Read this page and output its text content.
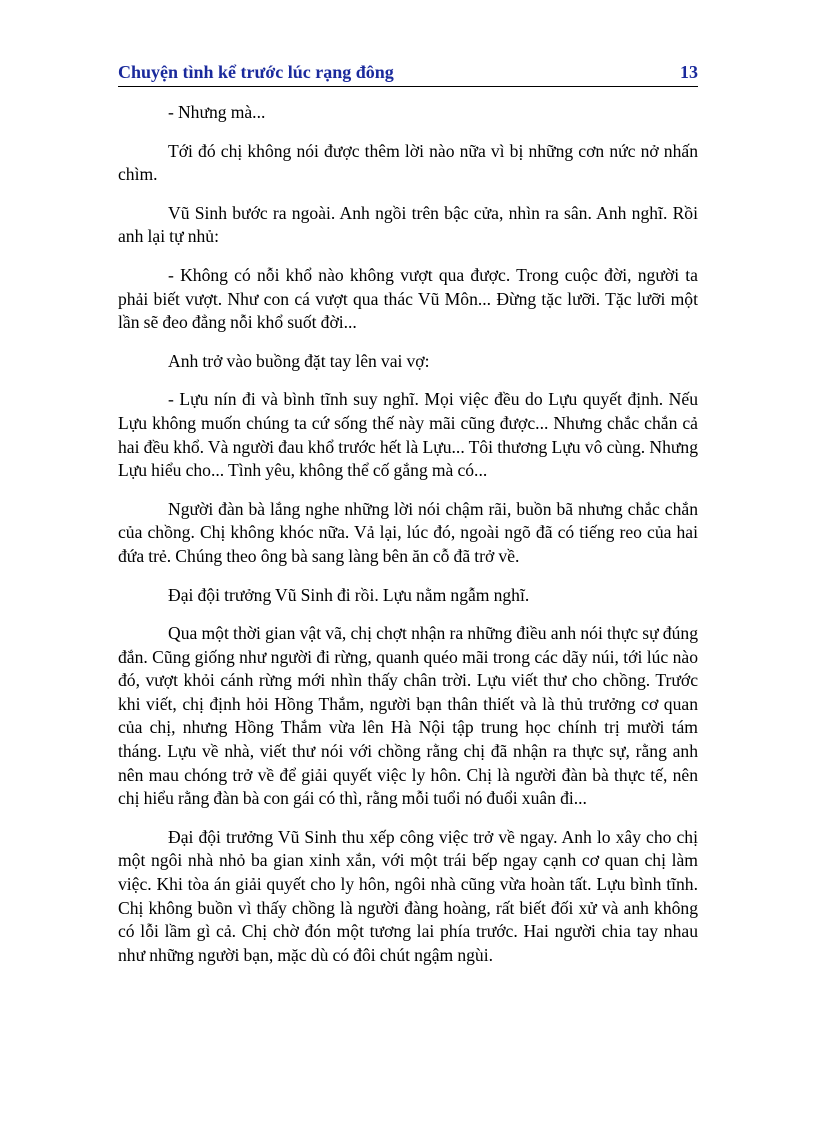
Chuyện tình kể trước lúc rạng đông	13

- Nhưng mà...

Tới đó chị không nói được thêm lời nào nữa vì bị những cơn nức nở nhấn chìm.

Vũ Sinh bước ra ngoài. Anh ngồi trên bậc cửa, nhìn ra sân. Anh nghĩ. Rồi anh lại tự nhủ:

- Không có nỗi khổ nào không vượt qua được. Trong cuộc đời, người ta phải biết vượt. Như con cá vượt qua thác Vũ Môn... Đừng tặc lưỡi. Tặc lưỡi một lần sẽ đeo đẳng nỗi khổ suốt đời...

Anh trở vào buồng đặt tay lên vai vợ:

- Lựu nín đi và bình tĩnh suy nghĩ. Mọi việc đều do Lựu quyết định. Nếu Lựu không muốn chúng ta cứ sống thế này mãi cũng được... Nhưng chắc chắn cả hai đều khổ. Và người đau khổ trước hết là Lựu... Tôi thương Lựu vô cùng. Nhưng Lựu hiểu cho... Tình yêu, không thể cố gắng mà có...

Người đàn bà lắng nghe những lời nói chậm rãi, buồn bã nhưng chắc chắn của chồng. Chị không khóc nữa. Vả lại, lúc đó, ngoài ngõ đã có tiếng reo của hai đứa trẻ. Chúng theo ông bà sang làng bên ăn cỗ đã trở về.

Đại đội trưởng Vũ Sinh đi rồi. Lựu nằm ngẫm nghĩ.

Qua một thời gian vật vã, chị chợt nhận ra những điều anh nói thực sự đúng đắn. Cũng giống như người đi rừng, quanh quéo mãi trong các dãy núi, tới lúc nào đó, vượt khỏi cánh rừng mới nhìn thấy chân trời. Lựu viết thư cho chồng. Trước khi viết, chị định hỏi Hồng Thắm, người bạn thân thiết và là thủ trưởng cơ quan của chị, nhưng Hồng Thắm vừa lên Hà Nội tập trung học chính trị mười tám tháng. Lựu về nhà, viết thư nói với chồng rằng chị đã nhận ra thực sự, rằng anh nên mau chóng trở về để giải quyết việc ly hôn. Chị là người đàn bà thực tế, nên chị hiểu rằng đàn bà con gái có thì, rằng mỗi tuổi nó đuổi xuân đi...

Đại đội trưởng Vũ Sinh thu xếp công việc trở về ngay. Anh lo xây cho chị một ngôi nhà nhỏ ba gian xinh xắn, với một trái bếp ngay cạnh cơ quan chị làm việc. Khi tòa án giải quyết cho ly hôn, ngôi nhà cũng vừa hoàn tất. Lựu bình tĩnh. Chị không buồn vì thấy chồng là người đàng hoàng, rất biết đối xử và anh không có lỗi lầm gì cả. Chị chờ đón một tương lai phía trước. Hai người chia tay nhau như những người bạn, mặc dù có đôi chút ngậm ngùi.
